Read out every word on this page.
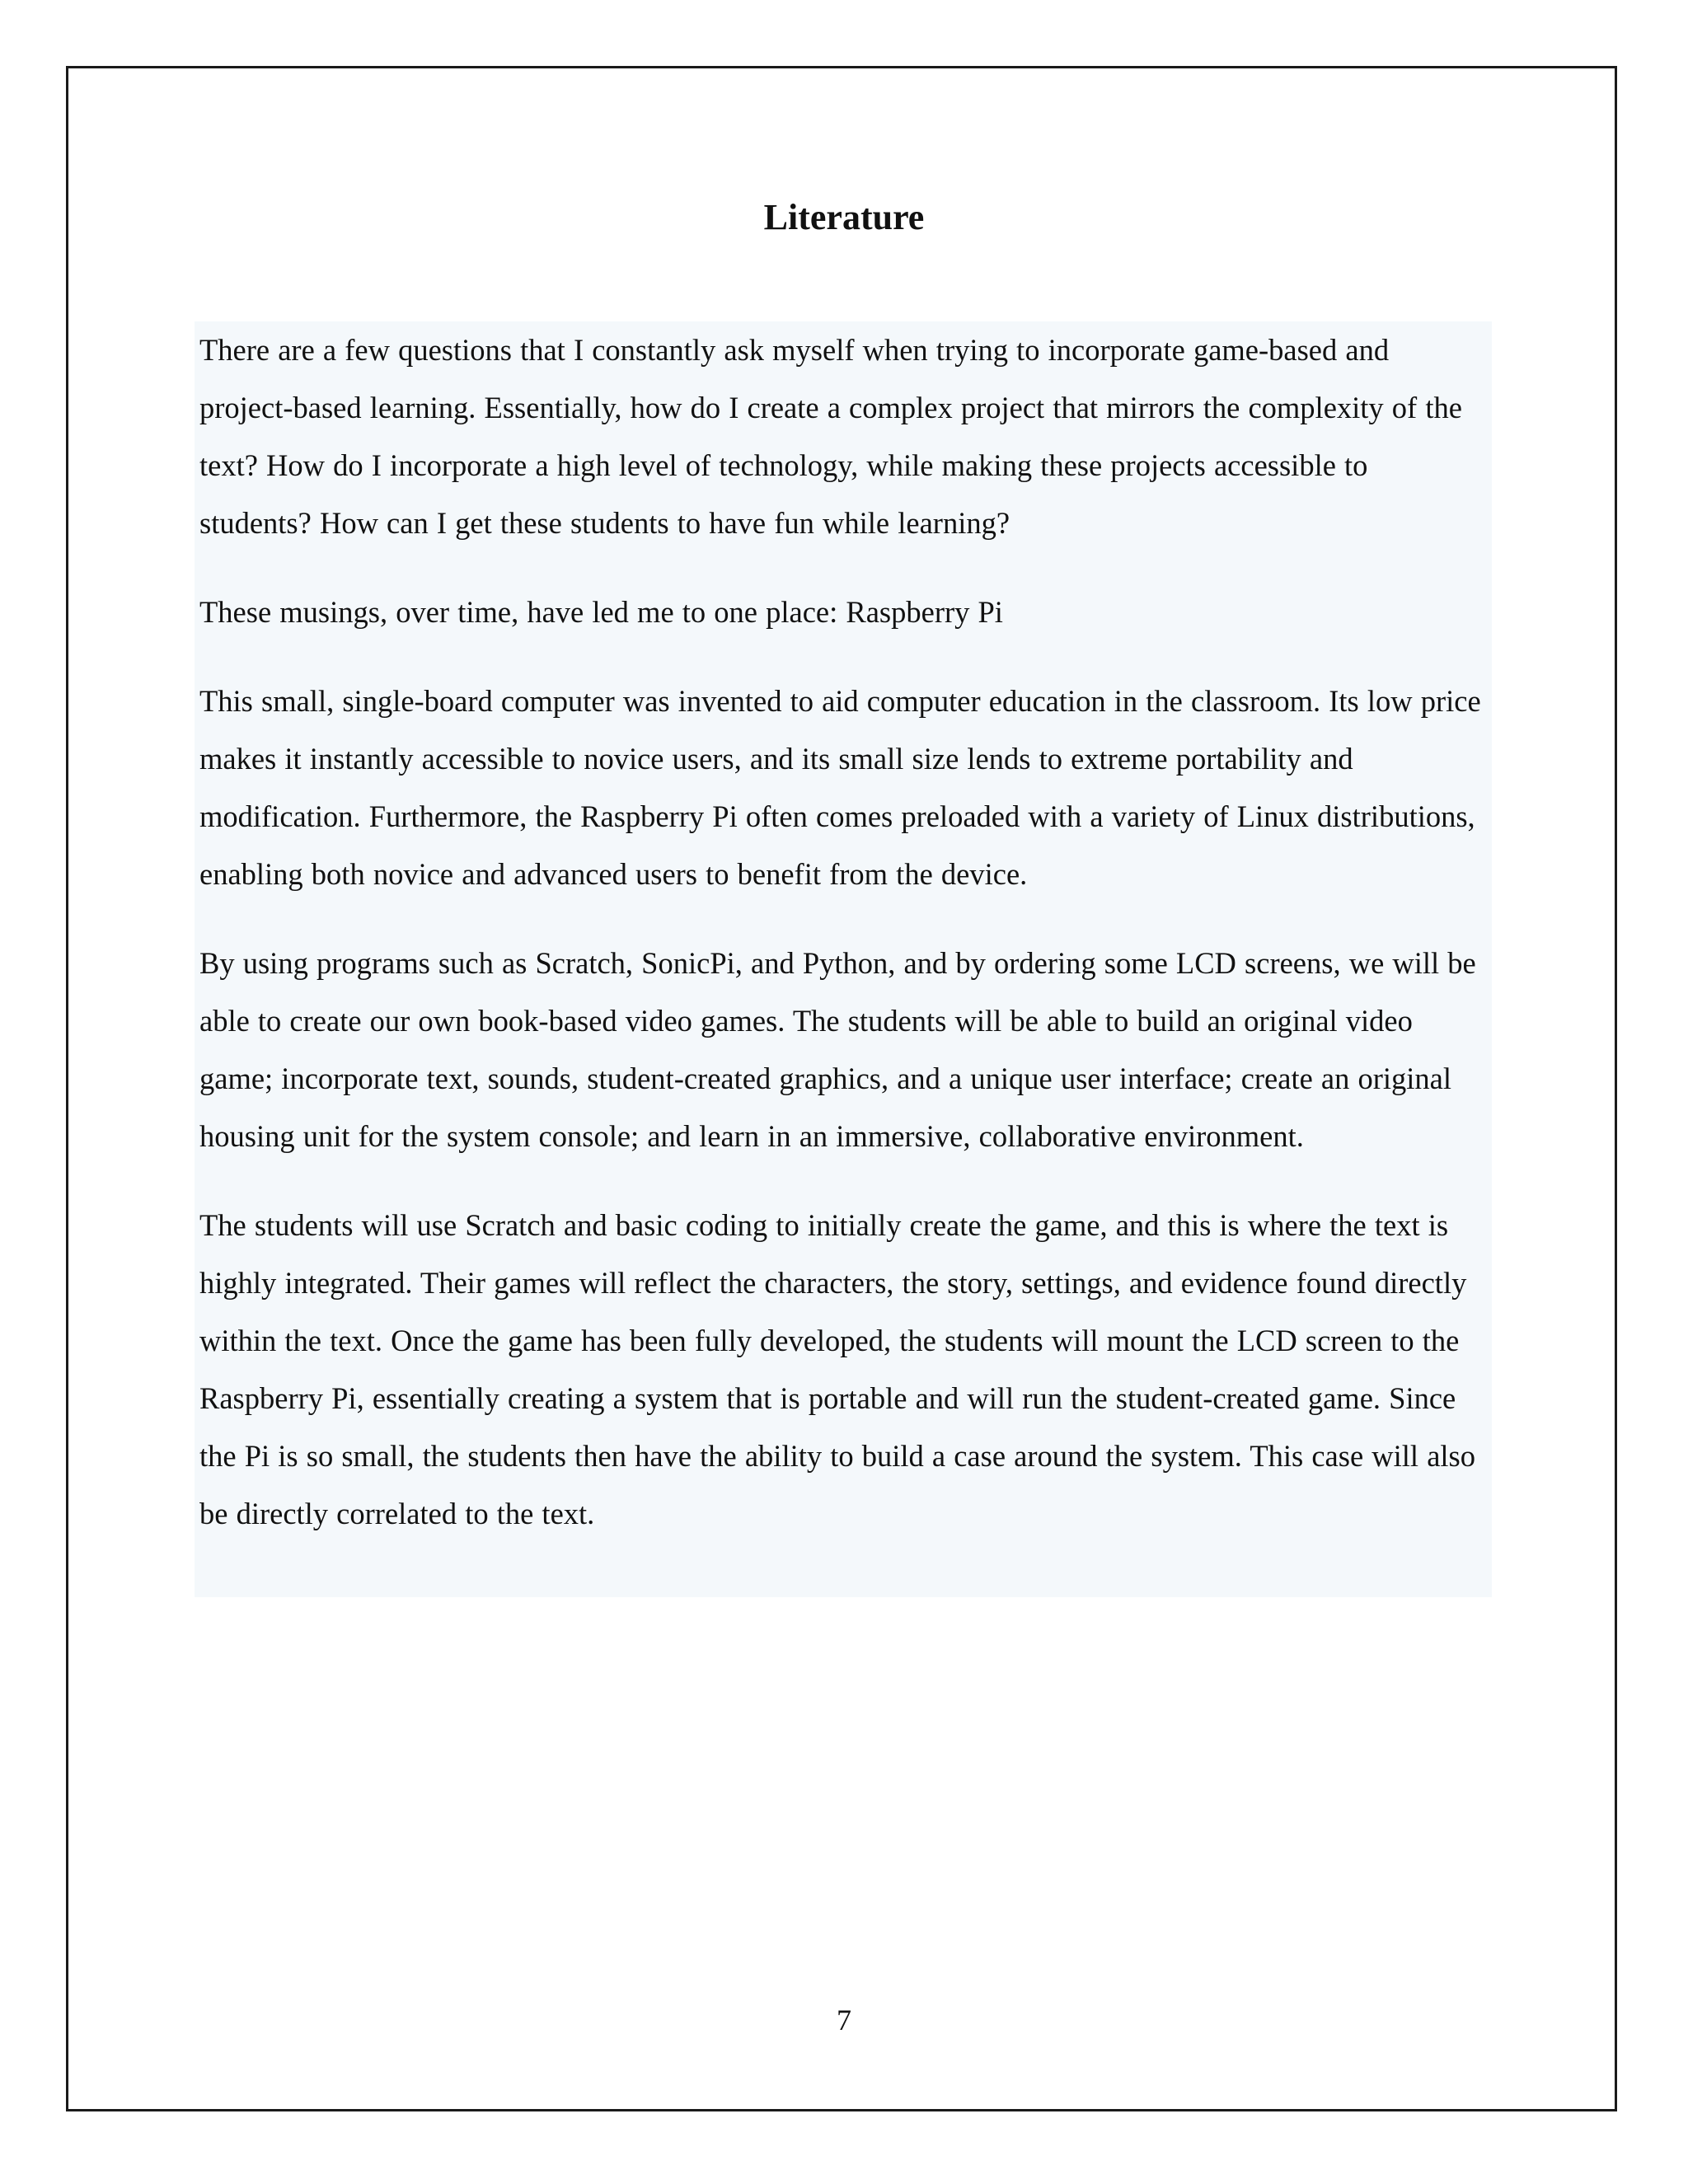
Literature

There are a few questions that I constantly ask myself when trying to incorporate game-based and project-based learning. Essentially, how do I create a complex project that mirrors the complexity of the text? How do I incorporate a high level of technology, while making these projects accessible to students? How can I get these students to have fun while learning?

These musings, over time, have led me to one place: Raspberry Pi

This small, single-board computer was invented to aid computer education in the classroom. Its low price makes it instantly accessible to novice users, and its small size lends to extreme portability and modification. Furthermore, the Raspberry Pi often comes preloaded with a variety of Linux distributions, enabling both novice and advanced users to benefit from the device.

By using programs such as Scratch, SonicPi, and Python, and by ordering some LCD screens, we will be able to create our own book-based video games. The students will be able to build an original video game; incorporate text, sounds, student-created graphics, and a unique user interface; create an original housing unit for the system console; and learn in an immersive, collaborative environment.

The students will use Scratch and basic coding to initially create the game, and this is where the text is highly integrated. Their games will reflect the characters, the story, settings, and evidence found directly within the text. Once the game has been fully developed, the students will mount the LCD screen to the Raspberry Pi, essentially creating a system that is portable and will run the student-created game. Since the Pi is so small, the students then have the ability to build a case around the system. This case will also be directly correlated to the text.

7
